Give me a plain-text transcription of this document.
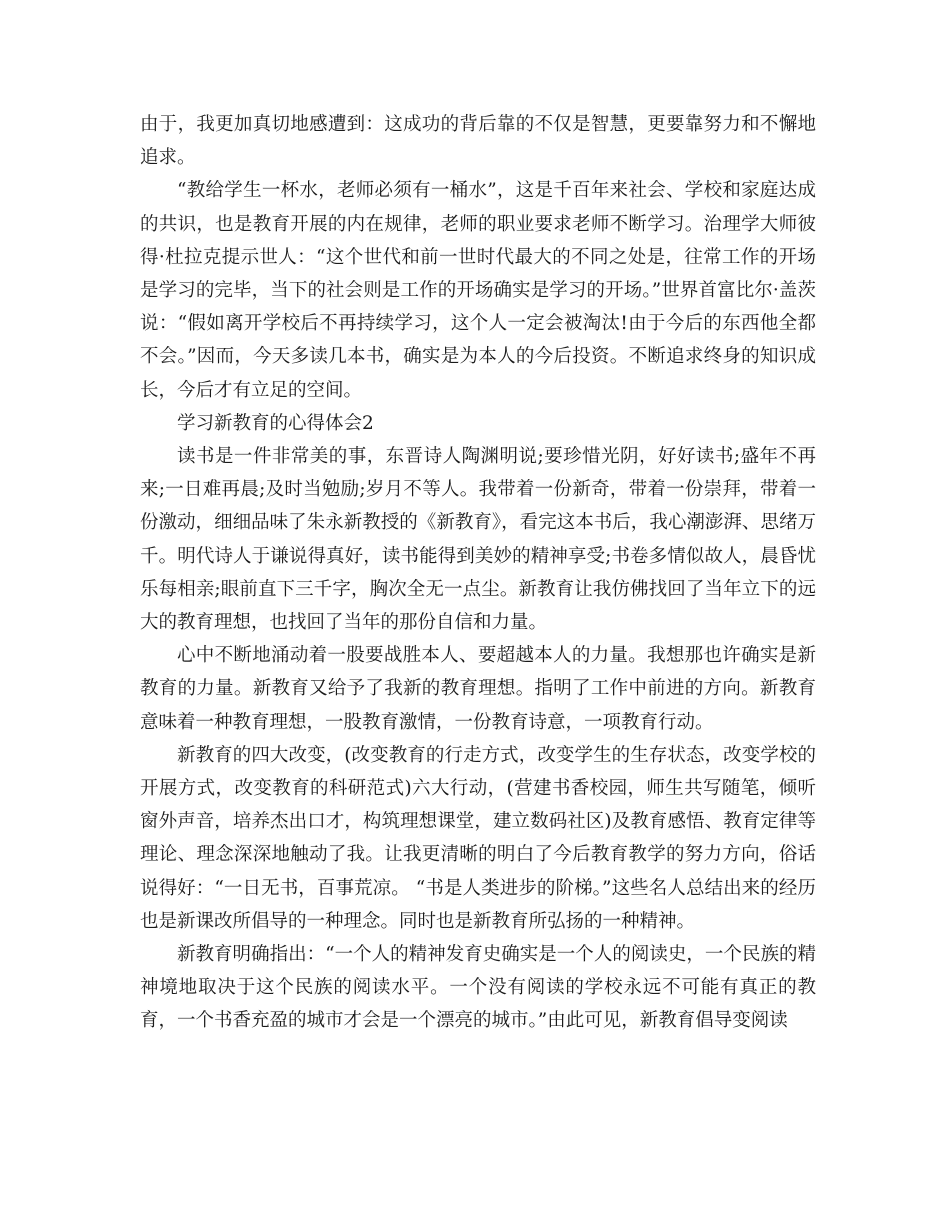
由于，我更加真切地感遭到：这成功的背后靠的不仅是智慧，更要靠努力和不懈地追求。

“教给学生一杯水，老师必须有一桶水”，这是千百年来社会、学校和家庭达成的共识，也是教育开展的内在规律，老师的职业要求老师不断学习。治理学大师彼得·杜拉克提示世人：“这个世代和前一世时代最大的不同之处是，往常工作的开场是学习的完毕，当下的社会则是工作的开场确实是学习的开场。”世界首富比尔·盖茨说：“假如离开学校后不再持续学习，这个人一定会被淘汰!由于今后的东西他全都不会。”因而，今天多读几本书，确实是为本人的今后投资。不断追求终身的知识成长，今后才有立足的空间。

学习新教育的心得体会2

读书是一件非常美的事，东晋诗人陶渊明说;要珍惜光阴，好好读书;盛年不再来;一日难再晨;及时当勉励;岁月不等人。我带着一份新奇，带着一份崇拜，带着一份激动，细细品味了朱永新教授的《新教育》，看完这本书后，我心潮澎湃、思绪万千。明代诗人于谦说得真好，读书能得到美妙的精神享受;书卷多情似故人，晨昏忧乐每相亲;眼前直下三千字，胸次全无一点尘。新教育让我仿佛找回了当年立下的远大的教育理想，也找回了当年的那份自信和力量。

心中不断地涌动着一股要战胜本人、要超越本人的力量。我想那也许确实是新教育的力量。新教育又给予了我新的教育理想。指明了工作中前进的方向。新教育意味着一种教育理想，一股教育激情，一份教育诗意，一项教育行动。

新教育的四大改变，(改变教育的行走方式，改变学生的生存状态，改变学校的开展方式，改变教育的科研范式)六大行动，(营建书香校园，师生共写随笔，倾听窗外声音，培养杰出口才，构筑理想课堂，建立数码社区)及教育感悟、教育定律等理论、理念深深地触动了我。让我更清晰的明白了今后教育教学的努力方向，俗话说得好：“一日无书，百事荒凉。 “书是人类进步的阶梯。”这些名人总结出来的经历也是新课改所倡导的一种理念。同时也是新教育所弘扬的一种精神。

新教育明确指出：“一个人的精神发育史确实是一个人的阅读史，一个民族的精神境地取决于这个民族的阅读水平。一个没有阅读的学校永远不可能有真正的教育，一个书香充盈的城市才会是一个漂亮的城市。”由此可见，新教育倡导变阅读
